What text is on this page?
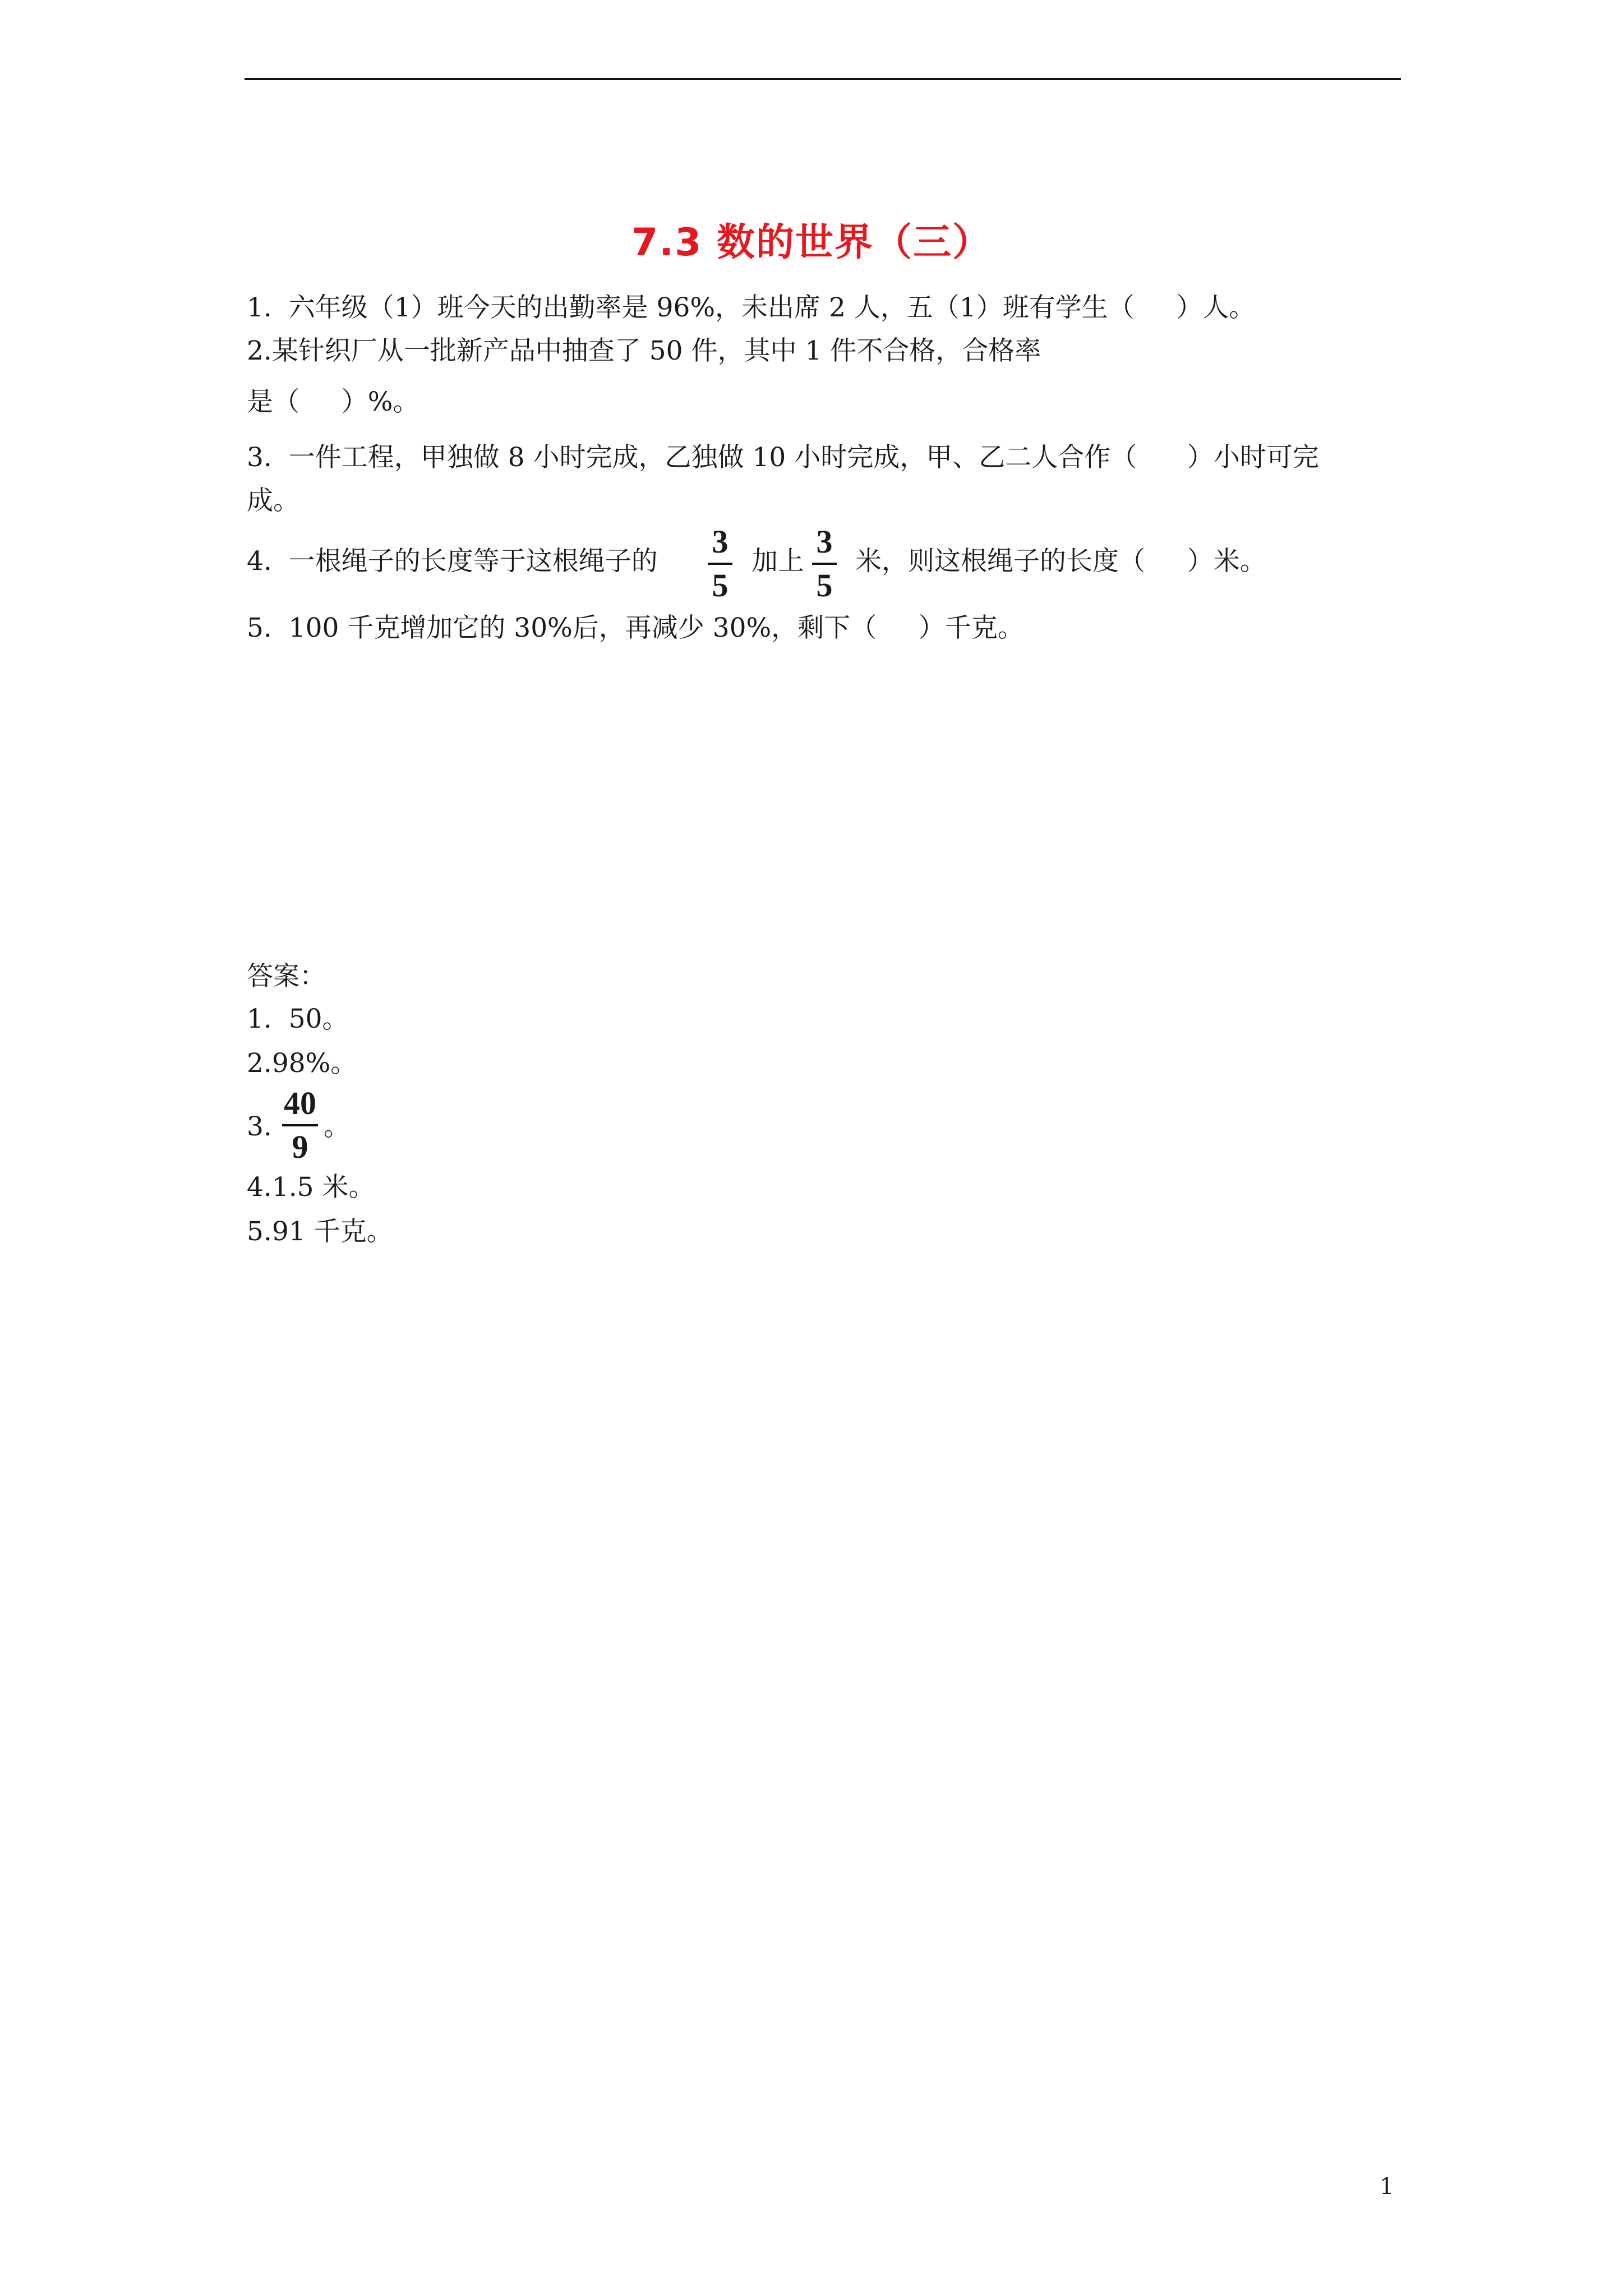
7.3 数的世界（三）
1.  六年级（1）班今天的出勤率是 96%，未出席 2 人，五（1）班有学生（     ）人。
2.某针织厂从一批新产品中抽查了 50 件，其中 1 件不合格，合格率
是（     ）%。
3.  一件工程，甲独做 8 小时完成，乙独做 10 小时完成，甲、乙二人合作（      ）小时可完
成。
4.  一根绳子的长度等于这根绳子的
3
5
加上
3
5
米，则这根绳子的长度（     ）米。
5.  100 千克增加它的 30%后，再减少 30%，剩下（     ）千克。
答案：
1.  50。
2.98%。
3.
40
9
。
4.1.5 米。
5.91 千克。
1
